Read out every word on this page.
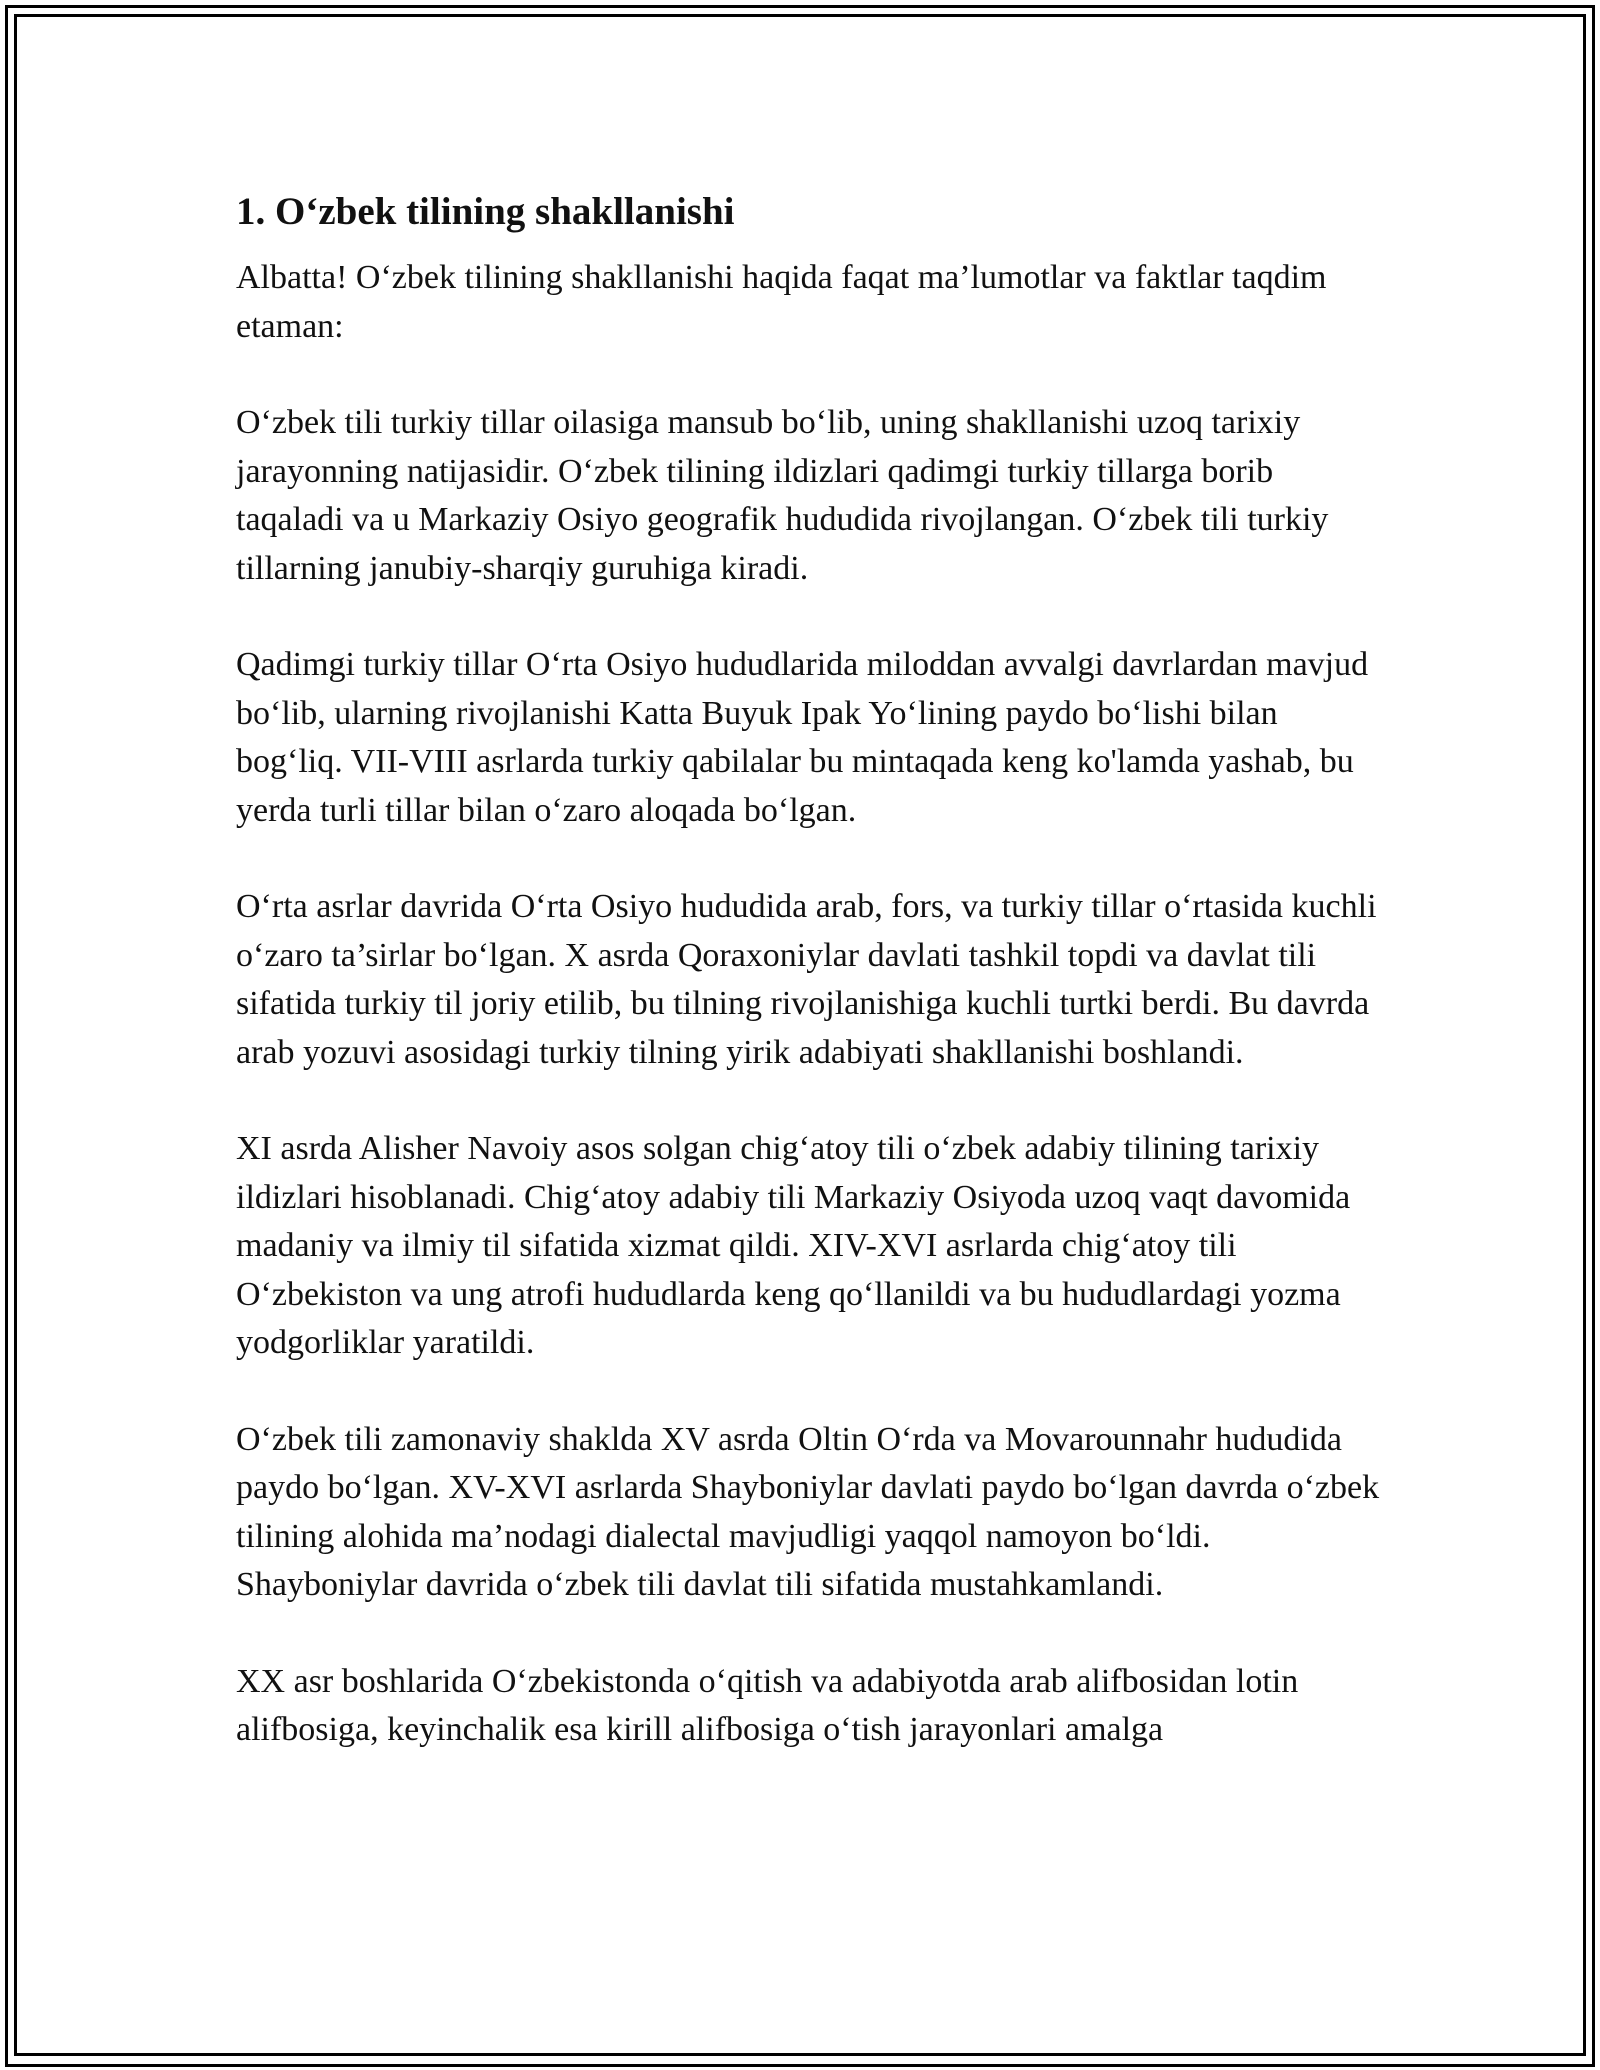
1. O‘zbek tilining shakllanishi

Albatta! O‘zbek tilining shakllanishi haqida faqat ma’lumotlar va faktlar taqdim etaman:

O‘zbek tili turkiy tillar oilasiga mansub bo‘lib, uning shakllanishi uzoq tarixiy jarayonning natijasidir. O‘zbek tilining ildizlari qadimgi turkiy tillarga borib taqaladi va u Markaziy Osiyo geografik hududida rivojlangan. O‘zbek tili turkiy tillarning janubiy-sharqiy guruhiga kiradi.

Qadimgi turkiy tillar O‘rta Osiyo hududlarida miloddan avvalgi davrlardan mavjud bo‘lib, ularning rivojlanishi Katta Buyuk Ipak Yo‘lining paydo bo‘lishi bilan bog‘liq. VII-VIII asrlarda turkiy qabilalar bu mintaqada keng ko'lamda yashab, bu yerda turli tillar bilan o‘zaro aloqada bo‘lgan.

O‘rta asrlar davrida O‘rta Osiyo hududida arab, fors, va turkiy tillar o‘rtasida kuchli o‘zaro ta’sirlar bo‘lgan. X asrda Qoraxoniylar davlati tashkil topdi va davlat tili sifatida turkiy til joriy etilib, bu tilning rivojlanishiga kuchli turtki berdi. Bu davrda arab yozuvi asosidagi turkiy tilning yirik adabiyati shakllanishi boshlandi.

XI asrda Alisher Navoiy asos solgan chig‘atoy tili o‘zbek adabiy tilining tarixiy ildizlari hisoblanadi. Chig‘atoy adabiy tili Markaziy Osiyoda uzoq vaqt davomida madaniy va ilmiy til sifatida xizmat qildi. XIV-XVI asrlarda chig‘atoy tili O‘zbekiston va ung atrofi hududlarda keng qo‘llanildi va bu hududlardagi yozma yodgorliklar yaratildi.

O‘zbek tili zamonaviy shaklda XV asrda Oltin O‘rda va Movarounnahr hududida paydo bo‘lgan. XV-XVI asrlarda Shayboniylar davlati paydo bo‘lgan davrda o‘zbek tilining alohida ma’nodagi dialectal mavjudligi yaqqol namoyon bo‘ldi. Shayboniylar davrida o‘zbek tili davlat tili sifatida mustahkamlandi.

XX asr boshlarida O‘zbekistonda o‘qitish va adabiyotda arab alifbosidan lotin alifbosiga, keyinchalik esa kirill alifbosiga o‘tish jarayonlari amalga
